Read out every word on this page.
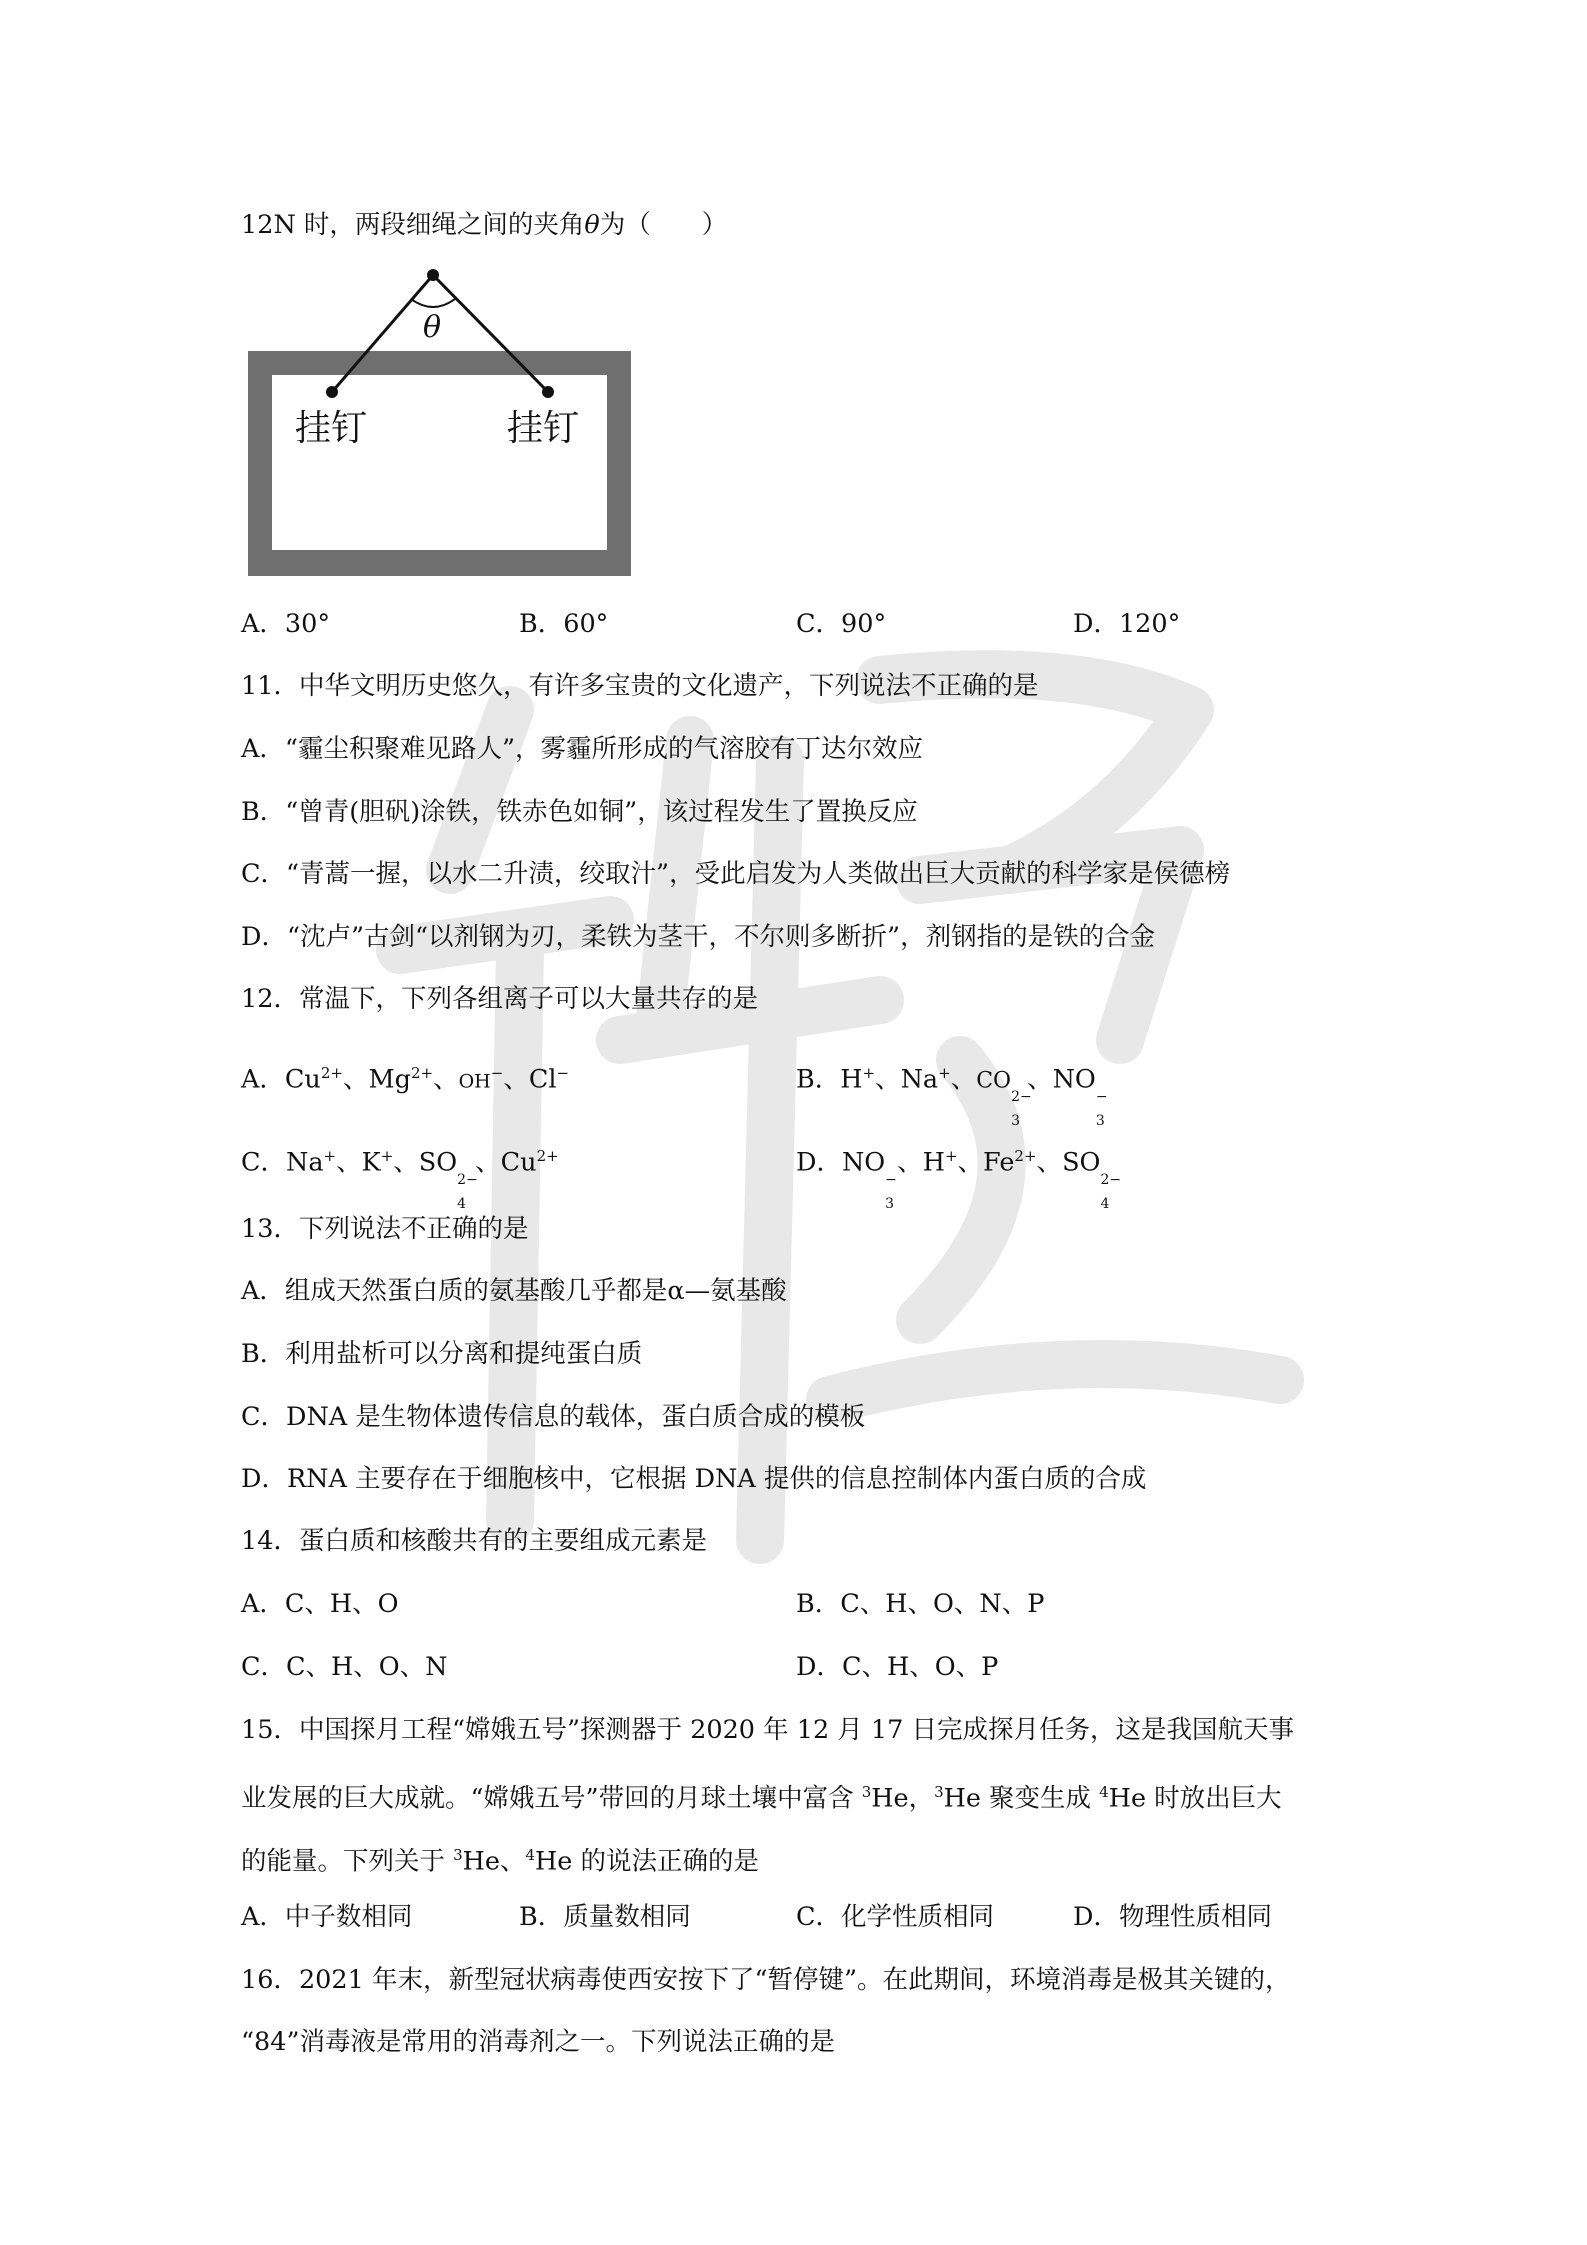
12N 时，两段细绳之间的夹角θ为（　　）
θ
挂钉	挂钉
A．30°	B．60°	C．90°	D．120°
11．中华文明历史悠久，有许多宝贵的文化遗产，下列说法不正确的是
A．“霾尘积聚难见路人”，雾霾所形成的气溶胶有丁达尔效应
B．“曾青(胆矾)涂铁，铁赤色如铜”，该过程发生了置换反应
C．“青蒿一握，以水二升渍，绞取汁”，受此启发为人类做出巨大贡献的科学家是侯德榜
D．“沈卢”古剑“以剂钢为刃，柔铁为茎干，不尔则多断折”，剂钢指的是铁的合金
12．常温下，下列各组离子可以大量共存的是
A．$Cu^{2+}$、$Mg^{2+}$、OH−、Cl−	B．H+、Na+、CO
2−
3
、NO
−
3
C．Na+、K+、SO
2−
4
、$Cu^{2+}$	D．NO
−
3
、H+、$Fe^{2+}$、SO
2−
4
13．下列说法不正确的是
A．组成天然蛋白质的氨基酸几乎都是α—氨基酸
B．利用盐析可以分离和提纯蛋白质
C．DNA 是生物体遗传信息的载体，蛋白质合成的模板
D．RNA 主要存在于细胞核中，它根据 DNA 提供的信息控制体内蛋白质的合成
14．蛋白质和核酸共有的主要组成元素是
A．C、H、O	B．C、H、O、N、P
C．C、H、O、N	D．C、H、O、P
15．中国探月工程“嫦娥五号”探测器于 2020 年 12 月 17 日完成探月任务，这是我国航天事
业发展的巨大成就。“嫦娥五号”带回的月球土壤中富含 $^3$He，$^3$He 聚变生成 $^4$He 时放出巨大
的能量。下列关于 $^3$He、$^4$He 的说法正确的是
A．中子数相同	B．质量数相同	C．化学性质相同	D．物理性质相同
16．2021 年末，新型冠状病毒使西安按下了“暂停键”。在此期间，环境消毒是极其关键的，
“84”消毒液是常用的消毒剂之一。下列说法正确的是
